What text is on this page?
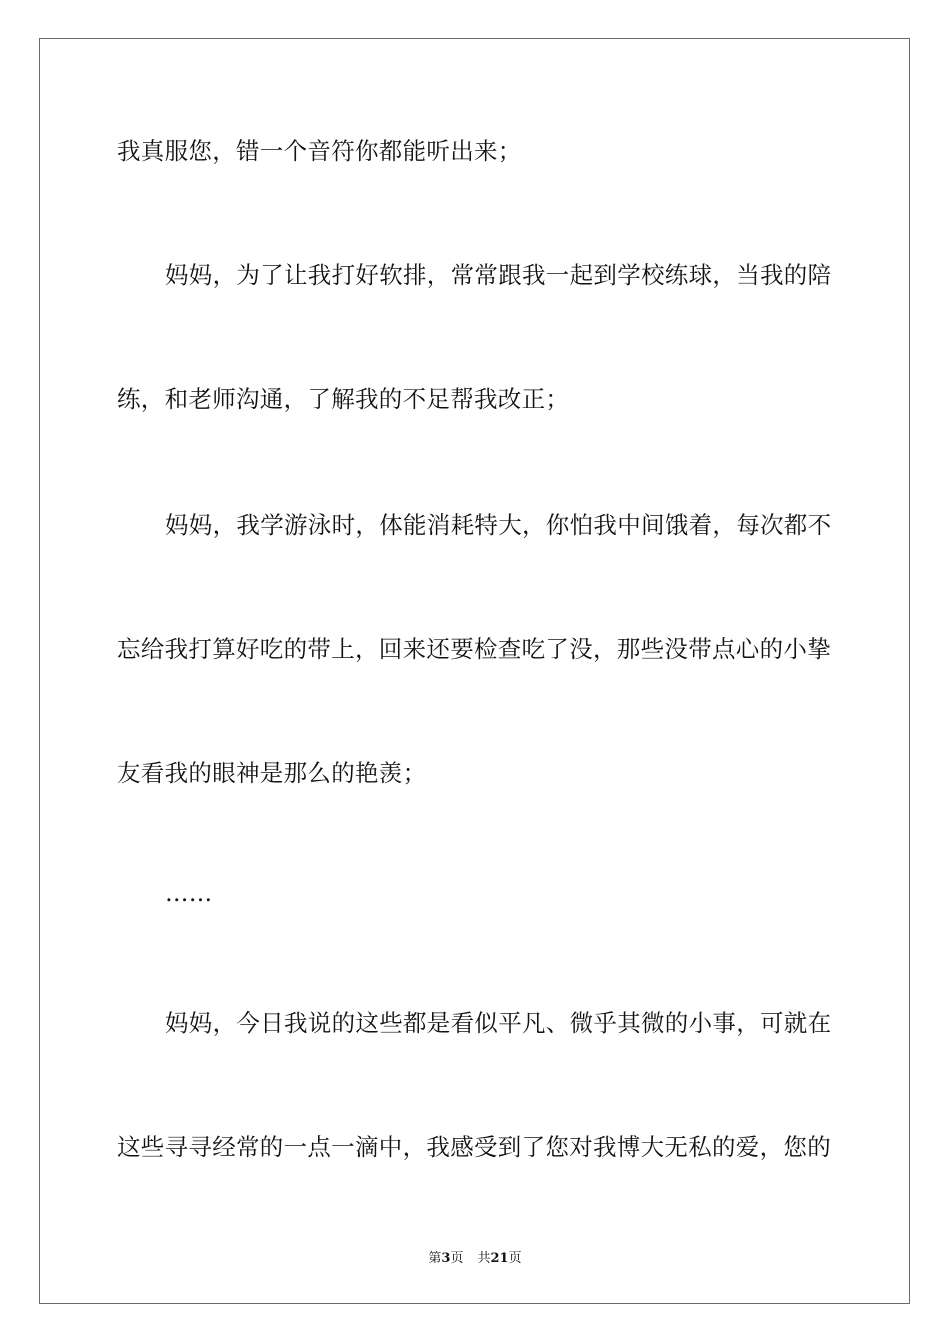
我真服您，错一个音符你都能听出来；
妈妈，为了让我打好软排，常常跟我一起到学校练球，当我的陪
练，和老师沟通，了解我的不足帮我改正；
妈妈，我学游泳时，体能消耗特大，你怕我中间饿着，每次都不
忘给我打算好吃的带上，回来还要检查吃了没，那些没带点心的小挚
友看我的眼神是那么的艳羡；
……
妈妈，今日我说的这些都是看似平凡、微乎其微的小事，可就在
这些寻寻经常的一点一滴中，我感受到了您对我博大无私的爱，您的
第3页 共21页
